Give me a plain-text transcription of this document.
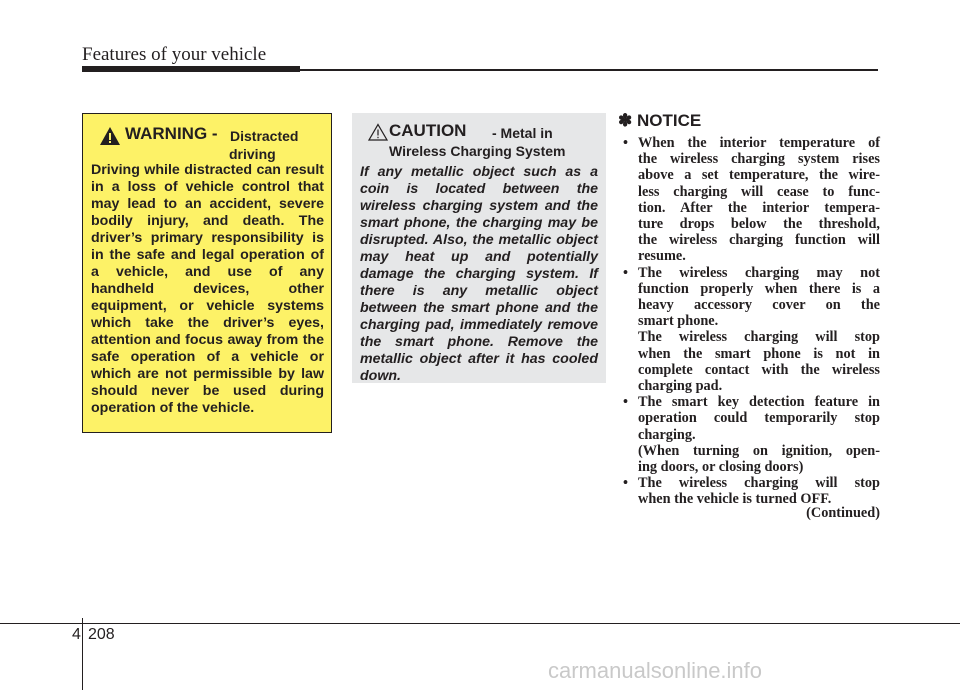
Features of your vehicle
WARNING - Distracted
driving

Driving while distracted can result in a loss of vehicle control that may lead to an accident, severe bodily injury, and death. The driver’s primary responsibility is in the safe and legal operation of a vehicle, and use of any handheld devices, other equipment, or vehicle systems which take the driver’s eyes, attention and focus away from the safe operation of a vehicle or which are not permissible by law should never be used during operation of the vehicle.

CAUTION - Metal in
Wireless Charging System

If any metallic object such as a coin is located between the wireless charging system and the smart phone, the charging may be disrupted. Also, the metallic object may heat up and potentially damage the charging system. If there is any metallic object between the smart phone and the charging pad, immediately remove the smart phone. Remove the metallic object after it has cooled down.

✽ NOTICE
• When the interior temperature of
the wireless charging system rises
above a set temperature, the wire-
less charging will cease to func-
tion. After the interior tempera-
ture drops below the threshold,
the wireless charging function will
resume.
• The wireless charging may not
function properly when there is a
heavy accessory cover on the
smart phone.
The wireless charging will stop
when the smart phone is not in
complete contact with the wireless
charging pad.
• The smart key detection feature in
operation could temporarily stop
charging.
(When turning on ignition, open-
ing doors, or closing doors)
• The wireless charging will stop
when the vehicle is turned OFF.
(Continued)
4 208
carmanualsonline.info
